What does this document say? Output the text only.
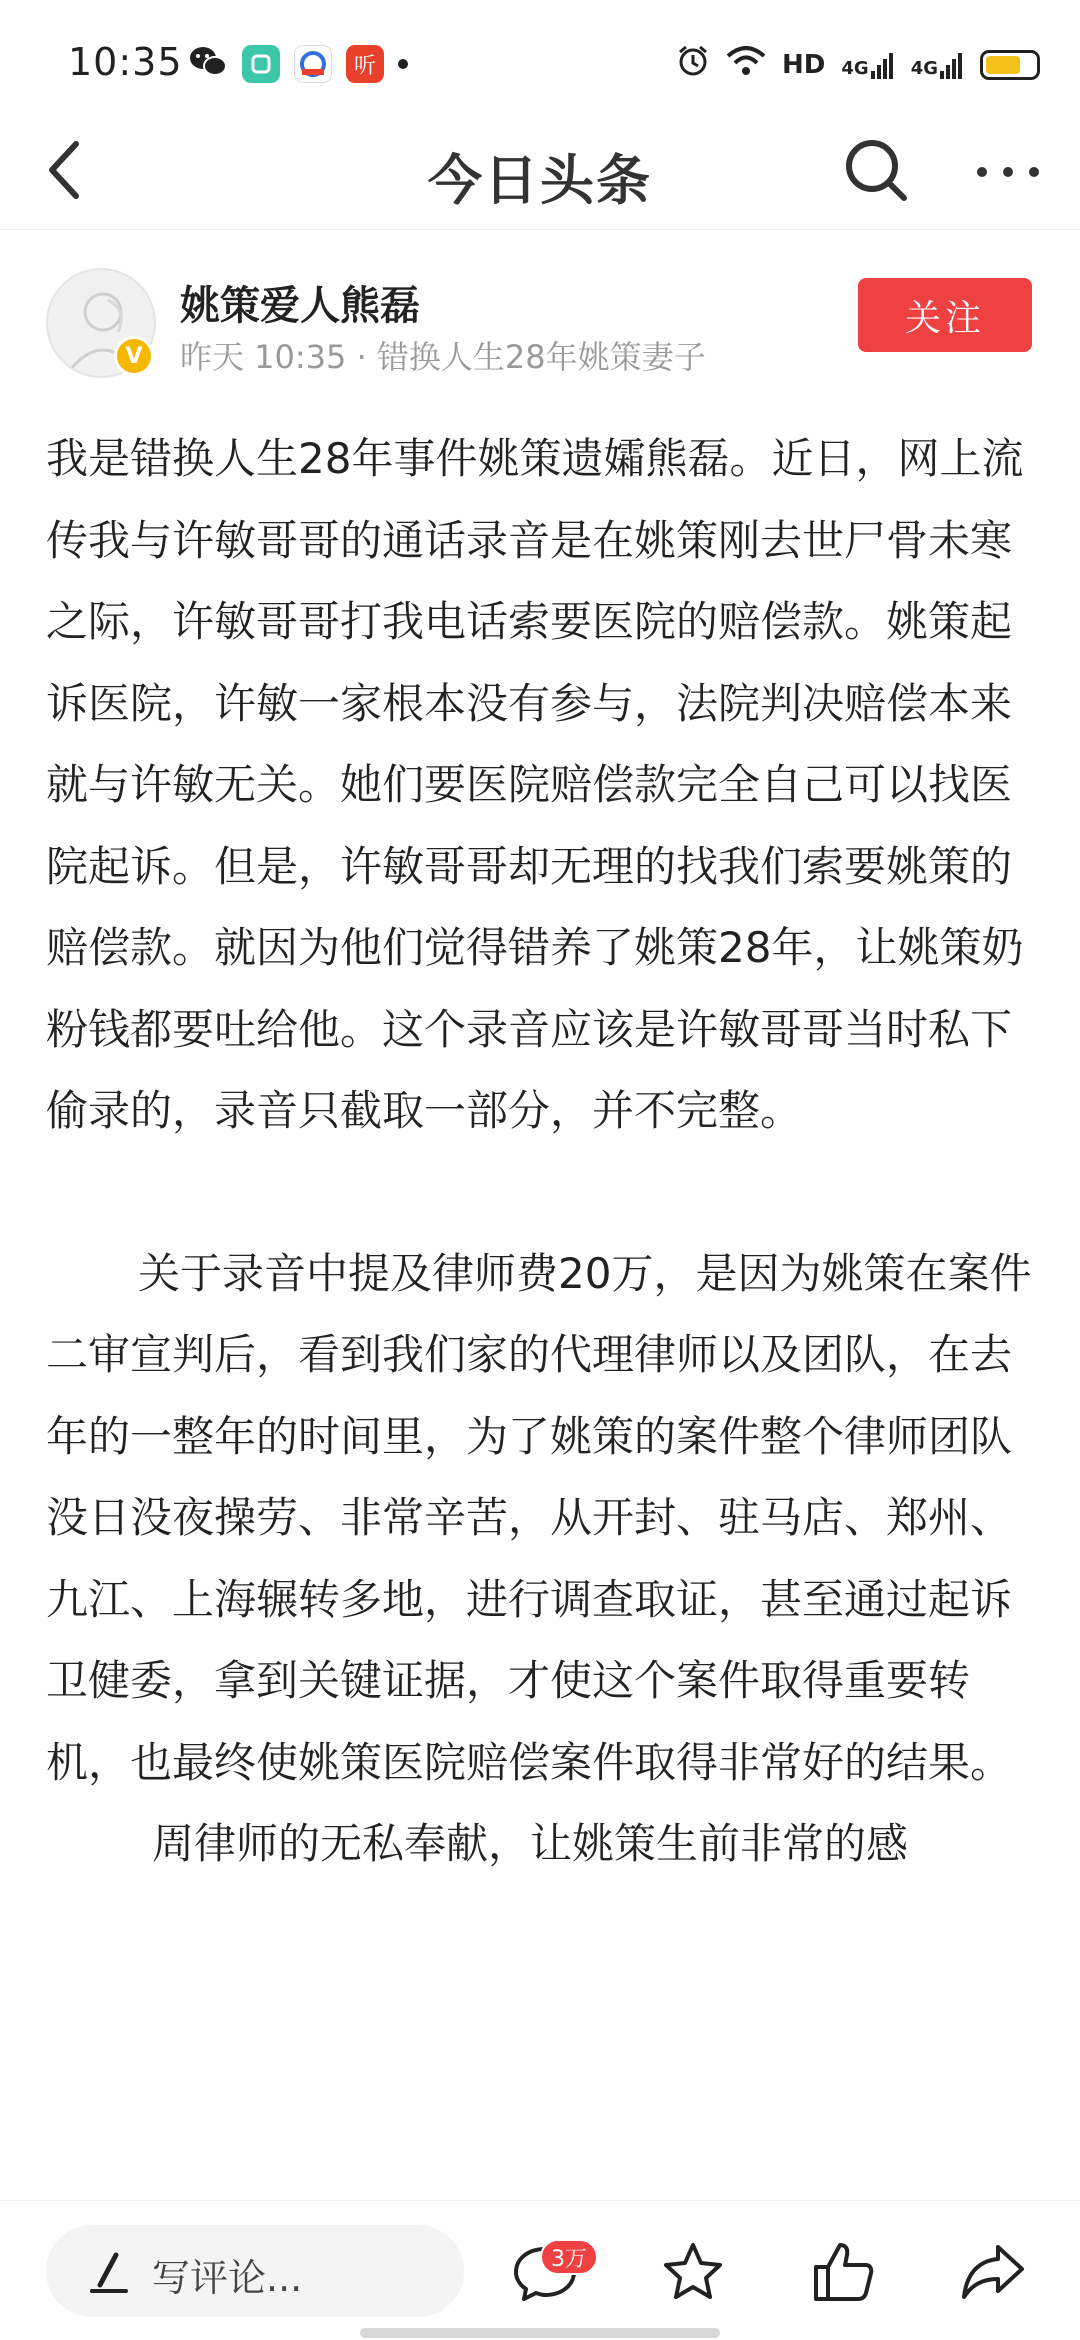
10:35	听	HD 4G 4G
今日头条
V
姚策爱人熊磊
昨天 10:35 · 错换人生28年姚策妻子
关注

我是错换人生28年事件姚策遗孀熊磊。近日，网上流传我与许敏哥哥的通话录音是在姚策刚去世尸骨未寒之际，许敏哥哥打我电话索要医院的赔偿款。姚策起诉医院，许敏一家根本没有参与，法院判决赔偿本来就与许敏无关。她们要医院赔偿款完全自己可以找医院起诉。但是，许敏哥哥却无理的找我们索要姚策的赔偿款。就因为他们觉得错养了姚策28年，让姚策奶粉钱都要吐给他。这个录音应该是许敏哥哥当时私下偷录的，录音只截取一部分，并不完整。

关于录音中提及律师费20万，是因为姚策在案件二审宣判后，看到我们家的代理律师以及团队，在去年的一整年的时间里，为了姚策的案件整个律师团队没日没夜操劳、非常辛苦，从开封、驻马店、郑州、九江、上海辗转多地，进行调查取证，甚至通过起诉卫健委，拿到关键证据，才使这个案件取得重要转机，也最终使姚策医院赔偿案件取得非常好的结果。

周律师的无私奉献，让姚策生前非常的感

写评论...	3万
